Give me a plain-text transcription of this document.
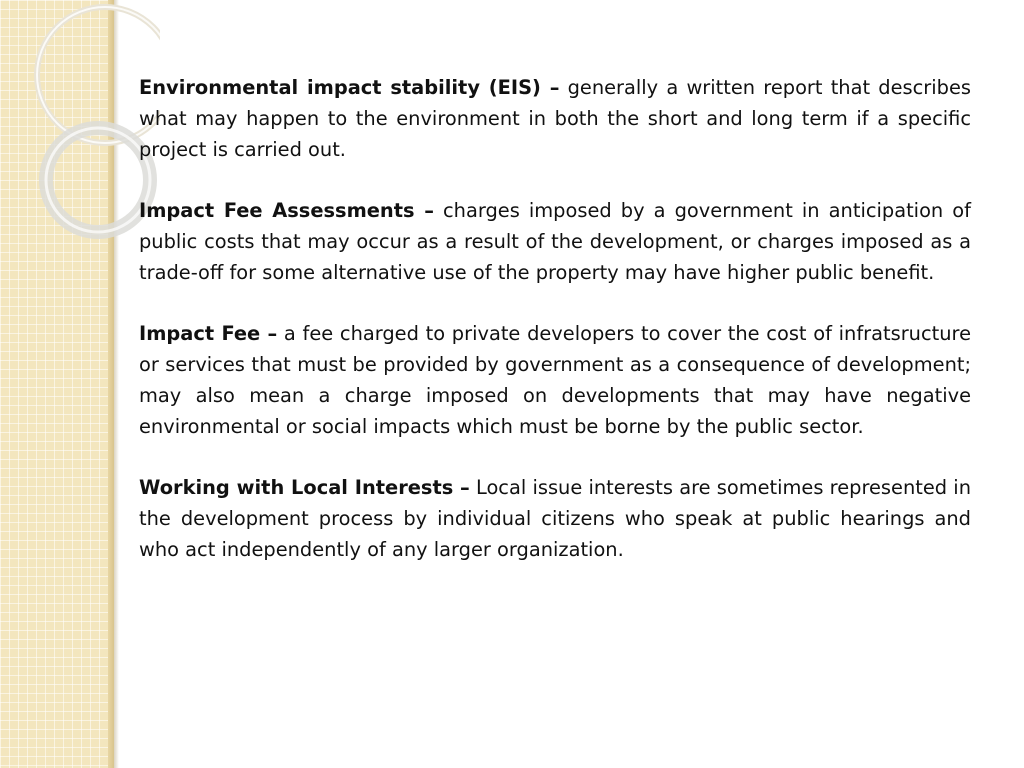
Environmental impact stability (EIS) – generally a written report that describes what may happen to the environment in both the short and long term if a specific project is carried out.

Impact Fee Assessments – charges imposed by a government in anticipation of public costs that may occur as a result of the development, or charges imposed as a trade-off for some alternative use of the property may have higher public benefit.

Impact Fee – a fee charged to private developers to cover the cost of infratsructure or services that must be provided by government as a consequence of development; may also mean a charge imposed on developments that may have negative environmental or social impacts which must be borne by the public sector.

Working with Local Interests – Local issue interests are sometimes represented in the development process by individual citizens who speak at public hearings and who act independently of any larger organization.
